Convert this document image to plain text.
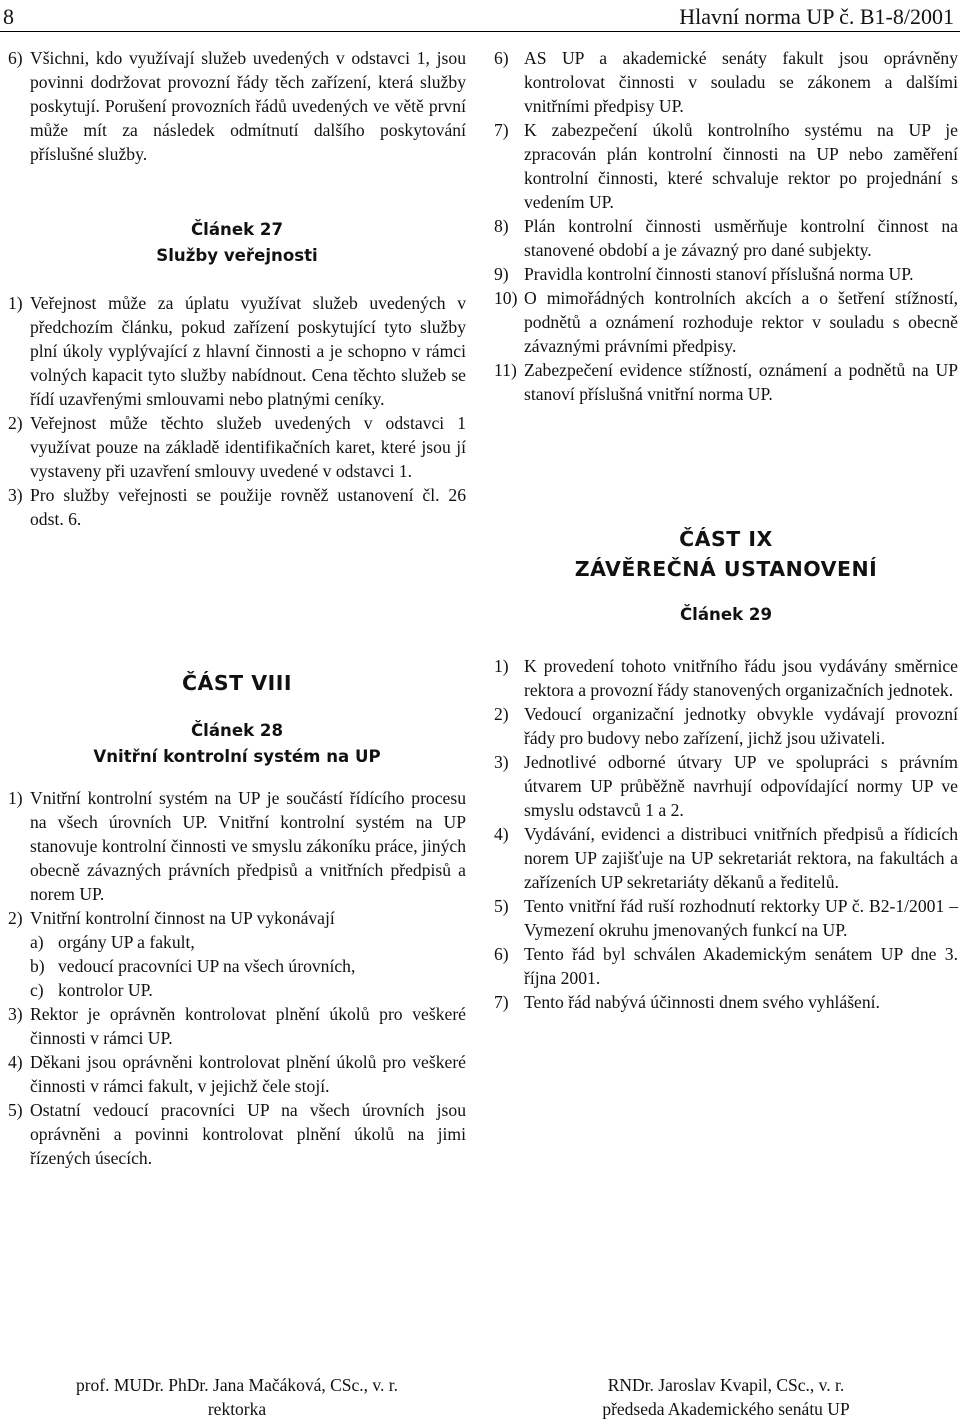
8	Hlavní norma UP č. B1-8/2001
6) Všichni, kdo využívají služeb uvedených v odstavci 1, jsou povinni dodržovat provozní řády těch zařízení, která služby poskytují. Porušení provozních řádů uvedených ve větě první může mít za následek odmítnutí dalšího poskytování příslušné služby.
Článek 27
Služby veřejnosti
1) Veřejnost může za úplatu využívat služeb uvedených v předchozím článku, pokud zařízení poskytující tyto služby plní úkoly vyplývající z hlavní činnosti a je schopno v rámci volných kapacit tyto služby nabídnout. Cena těchto služeb se řídí uzavřenými smlouvami nebo platnými ceníky.
2) Veřejnost může těchto služeb uvedených v odstavci 1 využívat pouze na základě identifikačních karet, které jsou jí vystaveny při uzavření smlouvy uvedené v odstavci 1.
3) Pro služby veřejnosti se použije rovněž ustanovení čl. 26 odst. 6.
ČÁST VIII
Článek 28
Vnitřní kontrolní systém na UP
1) Vnitřní kontrolní systém na UP je součástí řídícího procesu na všech úrovních UP. Vnitřní kontrolní systém na UP stanovuje kontrolní činnosti ve smyslu zákoníku práce, jiných obecně závazných právních předpisů a vnitřních předpisů a norem UP.
2) Vnitřní kontrolní činnost na UP vykonávají
a) orgány UP a fakult,
b) vedoucí pracovníci UP na všech úrovních,
c) kontrolor UP.
3) Rektor je oprávněn kontrolovat plnění úkolů pro veškeré činnosti v rámci UP.
4) Děkani jsou oprávněni kontrolovat plnění úkolů pro veškeré činnosti v rámci fakult, v jejichž čele stojí.
5) Ostatní vedoucí pracovníci UP na všech úrovních jsou oprávněni a povinni kontrolovat plnění úkolů na jimi řízených úsecích.
6) AS UP a akademické senáty fakult jsou oprávněny kontrolovat činnosti v souladu se zákonem a dalšími vnitřními předpisy UP.
7) K zabezpečení úkolů kontrolního systému na UP je zpracován plán kontrolní činnosti na UP nebo zaměření kontrolní činnosti, které schvaluje rektor po projednání s vedením UP.
8) Plán kontrolní činnosti usměrňuje kontrolní činnost na stanovené období a je závazný pro dané subjekty.
9) Pravidla kontrolní činnosti stanoví příslušná norma UP.
10) O mimořádných kontrolních akcích a o šetření stížností, podnětů a oznámení rozhoduje rektor v souladu s obecně závaznými právními předpisy.
11) Zabezpečení evidence stížností, oznámení a podnětů na UP stanoví příslušná vnitřní norma UP.
ČÁST IX
ZÁVĚREČNÁ USTANOVENÍ
Článek 29
1) K provedení tohoto vnitřního řádu jsou vydávány směrnice rektora a provozní řády stanovených organizačních jednotek.
2) Vedoucí organizační jednotky obvykle vydávají provozní řády pro budovy nebo zařízení, jichž jsou uživateli.
3) Jednotlivé odborné útvary UP ve spolupráci s právním útvarem UP průběžně navrhují odpovídající normy UP ve smyslu odstavců 1 a 2.
4) Vydávání, evidenci a distribuci vnitřních předpisů a řídicích norem UP zajišťuje na UP sekretariát rektora, na fakultách a zařízeních UP sekretariáty děkanů a ředitelů.
5) Tento vnitřní řád ruší rozhodnutí rektorky UP č. B2-1/2001 – Vymezení okruhu jmenovaných funkcí na UP.
6) Tento řád byl schválen Akademickým senátem UP dne 3. října 2001.
7) Tento řád nabývá účinnosti dnem svého vyhlášení.
prof. MUDr. PhDr. Jana Mačáková, CSc., v. r.
rektorka
RNDr. Jaroslav Kvapil, CSc., v. r.
předseda Akademického senátu UP
